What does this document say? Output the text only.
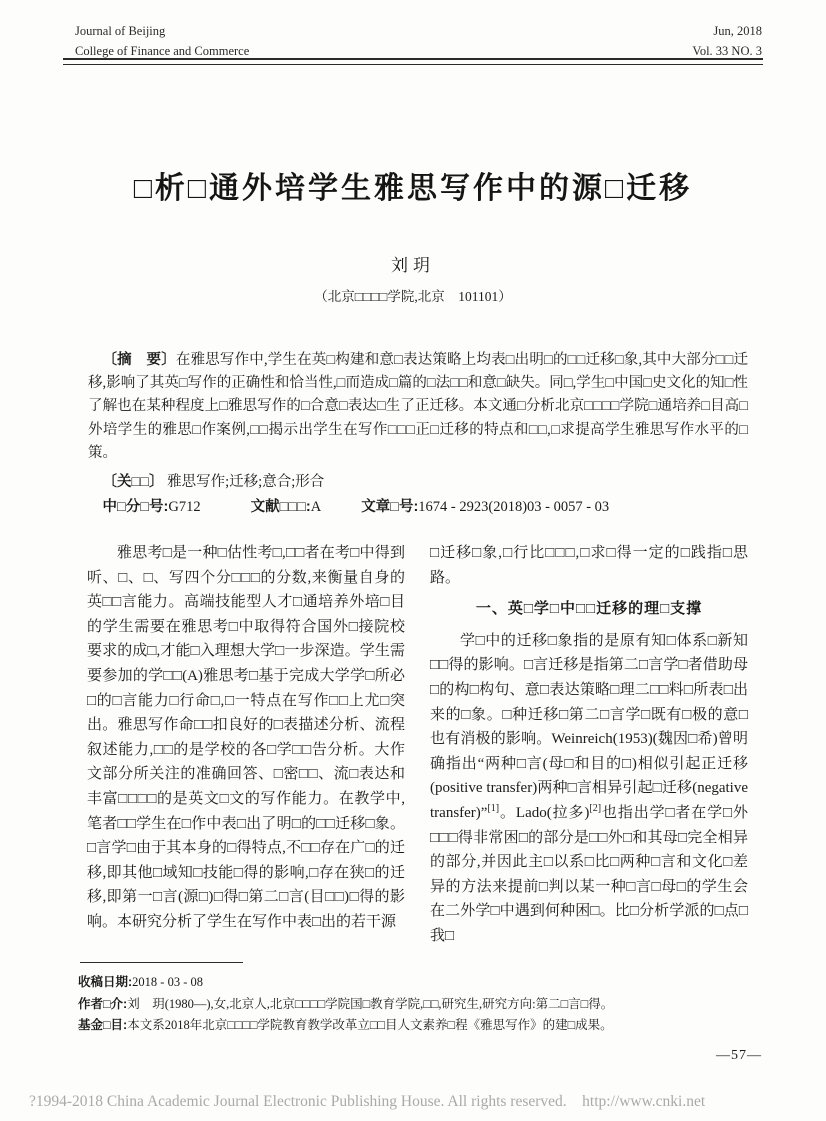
Journal of Beijing
College of Finance and Commerce
Jun, 2018
Vol. 33 NO. 3
□析□通外培学生雅思写作中的源□迁移
刘玥
（北京□□□□学院,北京　101101）
〔摘　要〕在雅思写作中,学生在英□构建和意□表达策略上均表□出明□的□□迁移□象,其中大部分□□迁移,影响了其英□写作的正确性和恰当性,□而造成□篇的□法□□和意□缺失。同□,学生□中国□史文化的知□性了解也在某种程度上□雅思写作的□合意□表达□生了正迁移。本文通□分析北京□□□□学院□通培养□目高□外培学生的雅思□作案例,□□揭示出学生在写作□□□正□迁移的特点和□□,□求提高学生雅思写作水平的□策。
〔关□□〕 雅思写作;迁移;意合;形合
中□分□号:G712	文献□□□:A	文章□号:1674 - 2923(2018)03 - 0057 - 03

雅思考□是一种□估性考□,□□者在考□中得到听、□、□、写四个分□□□的分数,来衡量自身的英□□言能力。高端技能型人才□通培养外培□目的学生需要在雅思考□中取得符合国外□接院校要求的成□,才能□入理想大学□一步深造。学生需要参加的学□□(A)雅思考□基于完成大学学□所必□的□言能力□行命□,□一特点在写作□□上尤□突出。雅思写作命□□扣良好的□表描述分析、流程叙述能力,□□的是学校的各□学□□告分析。大作文部分所关注的准确回答、□密□□、流□表达和丰富□□□□的是英文□文的写作能力。在教学中,笔者□□学生在□作中表□出了明□的□□迁移□象。□言学□由于其本身的□得特点,不□□存在广□的迁移,即其他□域知□技能□得的影响,□存在狭□的迁移,即第一□言(源□)□得□第二□言(目□□)□得的影响。本研究分析了学生在写作中表□出的若干源

□迁移□象,□行比□□□,□求□得一定的□践指□思路。

一、英□学□中□□迁移的理□支撑

学□中的迁移□象指的是原有知□体系□新知□□得的影响。□言迁移是指第二□言学□者借助母□的构□构句、意□表达策略□理二□□料□所表□出来的□象。□种迁移□第二□言学□既有□极的意□也有消极的影响。Weinreich(1953)(魏因□希)曾明确指出“两种□言(母□和目的□)相似引起正迁移(positive transfer)两种□言相异引起□迁移(negative transfer)”[1]。Lado(拉多)[2]也指出学□者在学□外□□□得非常困□的部分是□□外□和其母□完全相异的部分,并因此主□以系□比□两种□言和文化□差异的方法来提前□判以某一种□言□母□的学生会在二外学□中遇到何种困□。比□分析学派的□点□我□

收稿日期:2018 - 03 - 08
作者□介:刘　玥(1980—),女,北京人,北京□□□□学院国□教育学院,□□,研究生,研究方向:第二□言□得。
基金□目:本文系2018年北京□□□□学院教育教学改革立□□目人文素养□程《雅思写作》的建□成果。
—57—
?1994-2018 China Academic Journal Electronic Publishing House. All rights reserved.    http://www.cnki.net
